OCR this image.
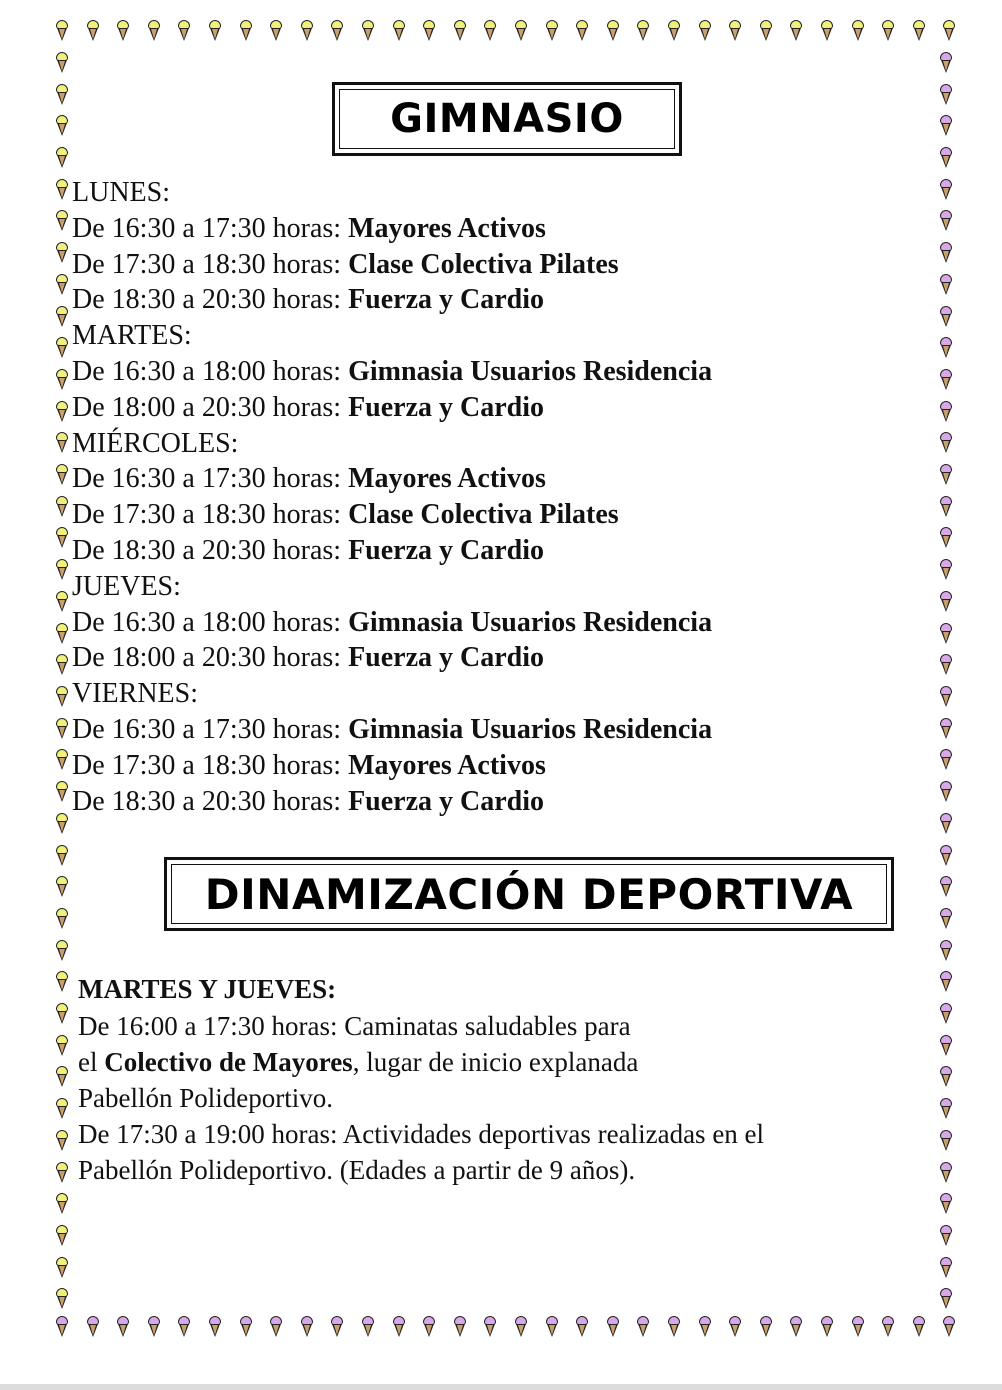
GIMNASIO
LUNES:
De 16:30 a 17:30 horas: Mayores Activos
De 17:30 a 18:30 horas: Clase Colectiva Pilates
De 18:30 a 20:30 horas: Fuerza y Cardio
MARTES:
De 16:30 a 18:00 horas: Gimnasia Usuarios Residencia
De 18:00 a 20:30 horas: Fuerza y Cardio
MIÉRCOLES:
De 16:30 a 17:30 horas: Mayores Activos
De 17:30 a 18:30 horas: Clase Colectiva Pilates
De 18:30 a 20:30 horas: Fuerza y Cardio
JUEVES:
De 16:30 a 18:00 horas: Gimnasia Usuarios Residencia
De 18:00 a 20:30 horas: Fuerza y Cardio
VIERNES:
De 16:30 a 17:30 horas: Gimnasia Usuarios Residencia
De 17:30 a 18:30 horas: Mayores Activos
De 18:30 a 20:30 horas: Fuerza y Cardio
DINAMIZACIÓN DEPORTIVA
MARTES Y JUEVES:
De 16:00 a 17:30 horas: Caminatas saludables para
el Colectivo de Mayores, lugar de inicio explanada
Pabellón Polideportivo.
De 17:30 a 19:00 horas: Actividades deportivas realizadas en el
Pabellón Polideportivo. (Edades a partir de 9 años).
